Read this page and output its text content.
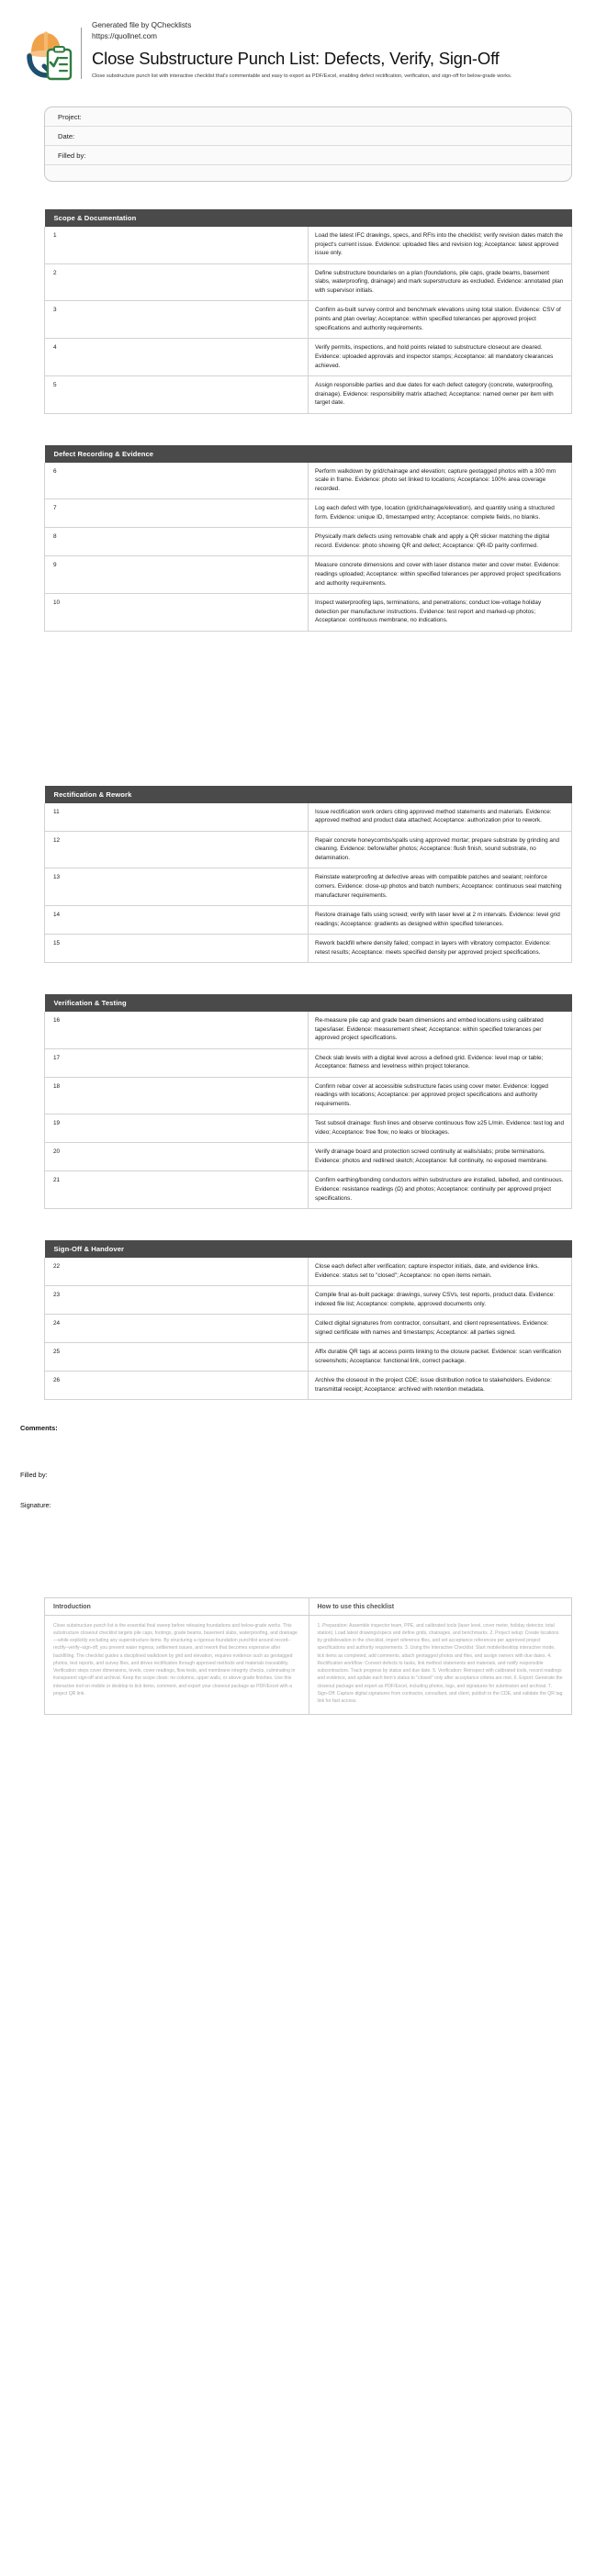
Generated file by QChecklists
https://quollnet.com
Close Substructure Punch List: Defects, Verify, Sign-Off
Close substructure punch list with interactive checklist that's commentable and easy to export as PDF/Excel, enabling defect rectification, verification, and sign-off for below-grade works.
Project:
Date:
Filled by:
Scope & Documentation	
1	Load the latest IFC drawings, specs, and RFIs into the checklist; verify revision dates match the project's current issue. Evidence: uploaded files and revision log; Acceptance: latest approved issue only.
2	Define substructure boundaries on a plan (foundations, pile caps, grade beams, basement slabs, waterproofing, drainage) and mark superstructure as excluded. Evidence: annotated plan with supervisor initials.
3	Confirm as-built survey control and benchmark elevations using total station. Evidence: CSV of points and plan overlay; Acceptance: within specified tolerances per approved project specifications and authority requirements.
4	Verify permits, inspections, and hold points related to substructure closeout are cleared. Evidence: uploaded approvals and inspector stamps; Acceptance: all mandatory clearances achieved.
5	Assign responsible parties and due dates for each defect category (concrete, waterproofing, drainage). Evidence: responsibility matrix attached; Acceptance: named owner per item with target date.
Defect Recording & Evidence	
6	Perform walkdown by grid/chainage and elevation; capture geotagged photos with a 300 mm scale in frame. Evidence: photo set linked to locations; Acceptance: 100% area coverage recorded.
7	Log each defect with type, location (grid/chainage/elevation), and quantity using a structured form. Evidence: unique ID, timestamped entry; Acceptance: complete fields, no blanks.
8	Physically mark defects using removable chalk and apply a QR sticker matching the digital record. Evidence: photo showing QR and defect; Acceptance: QR-ID parity confirmed.
9	Measure concrete dimensions and cover with laser distance meter and cover meter. Evidence: readings uploaded; Acceptance: within specified tolerances per approved project specifications and authority requirements.
10	Inspect waterproofing laps, terminations, and penetrations; conduct low-voltage holiday detection per manufacturer instructions. Evidence: test report and marked-up photos; Acceptance: continuous membrane, no indications.
Rectification & Rework	
11	Issue rectification work orders citing approved method statements and materials. Evidence: approved method and product data attached; Acceptance: authorization prior to rework.
12	Repair concrete honeycombs/spalls using approved mortar; prepare substrate by grinding and cleaning. Evidence: before/after photos; Acceptance: flush finish, sound substrate, no delamination.
13	Reinstate waterproofing at defective areas with compatible patches and sealant; reinforce corners. Evidence: close-up photos and batch numbers; Acceptance: continuous seal matching manufacturer requirements.
14	Restore drainage falls using screed; verify with laser level at 2 m intervals. Evidence: level grid readings; Acceptance: gradients as designed within specified tolerances.
15	Rework backfill where density failed; compact in layers with vibratory compactor. Evidence: retest results; Acceptance: meets specified density per approved project specifications.
Verification & Testing	
16	Re-measure pile cap and grade beam dimensions and embed locations using calibrated tapes/laser. Evidence: measurement sheet; Acceptance: within specified tolerances per approved project specifications.
17	Check slab levels with a digital level across a defined grid. Evidence: level map or table; Acceptance: flatness and levelness within project tolerance.
18	Confirm rebar cover at accessible substructure faces using cover meter. Evidence: logged readings with locations; Acceptance: per approved project specifications and authority requirements.
19	Test subsoil drainage: flush lines and observe continuous flow ≥25 L/min. Evidence: test log and video; Acceptance: free flow, no leaks or blockages.
20	Verify drainage board and protection screed continuity at walls/slabs; probe terminations. Evidence: photos and redlined sketch; Acceptance: full continuity, no exposed membrane.
21	Confirm earthing/bonding conductors within substructure are installed, labelled, and continuous. Evidence: resistance readings (Ω) and photos; Acceptance: continuity per approved project specifications.
Sign-Off & Handover	
22	Close each defect after verification; capture inspector initials, date, and evidence links. Evidence: status set to "closed"; Acceptance: no open items remain.
23	Compile final as-built package: drawings, survey CSVs, test reports, product data. Evidence: indexed file list; Acceptance: complete, approved documents only.
24	Collect digital signatures from contractor, consultant, and client representatives. Evidence: signed certificate with names and timestamps; Acceptance: all parties signed.
25	Affix durable QR tags at access points linking to the closure packet. Evidence: scan verification screenshots; Acceptance: functional link, correct package.
26	Archive the closeout in the project CDE; issue distribution notice to stakeholders. Evidence: transmittal receipt; Acceptance: archived with retention metadata.
Comments:
Filled by:
Signature:
Introduction
Close substructure punch list is the essential final sweep before releasing foundations and below-grade works. This substructure closeout checklist targets pile caps, footings, grade beams, basement slabs, waterproofing, and drainage—while explicitly excluding any superstructure items. By structuring a rigorous foundation punchlist around record–rectify–verify–sign-off, you prevent water ingress, settlement issues, and rework that becomes expensive after backfilling. The checklist guides a disciplined walkdown by grid and elevation, requires evidence such as geotagged photos, test reports, and survey files, and drives rectification through approved methods and materials traceability. Verification steps cover dimensions, levels, cover readings, flow tests, and membrane integrity checks, culminating in transparent sign-off and archival. Keep the scope clean: no columns, upper walls, or above-grade finishes. Use this interactive tool on mobile or desktop to tick items, comment, and export your closeout package as PDF/Excel with a project QR link.
How to use this checklist
1. Preparation: Assemble inspector team, PPE, and calibrated tools (laser level, cover meter, holiday detector, total station). Load latest drawings/specs and define grids, chainages, and benchmarks. 2. Project setup: Create locations by grid/elevation in the checklist, import reference files, and set acceptance references per approved project specifications and authority requirements. 3. Using the Interactive Checklist: Start mobile/desktop interactive mode, tick items as completed, add comments, attach geotagged photos and files, and assign owners with due dates. 4. Rectification workflow: Convert defects to tasks, link method statements and materials, and notify responsible subcontractors. Track progress by status and due date. 5. Verification: Reinspect with calibrated tools, record readings and evidence, and update each item's status to "closed" only after acceptance criteria are met. 6. Export: Generate the closeout package and export as PDF/Excel, including photos, logs, and signatures for submission and archival. 7. Sign-Off: Capture digital signatures from contractor, consultant, and client, publish to the CDE, and validate the QR tag link for fast access.
